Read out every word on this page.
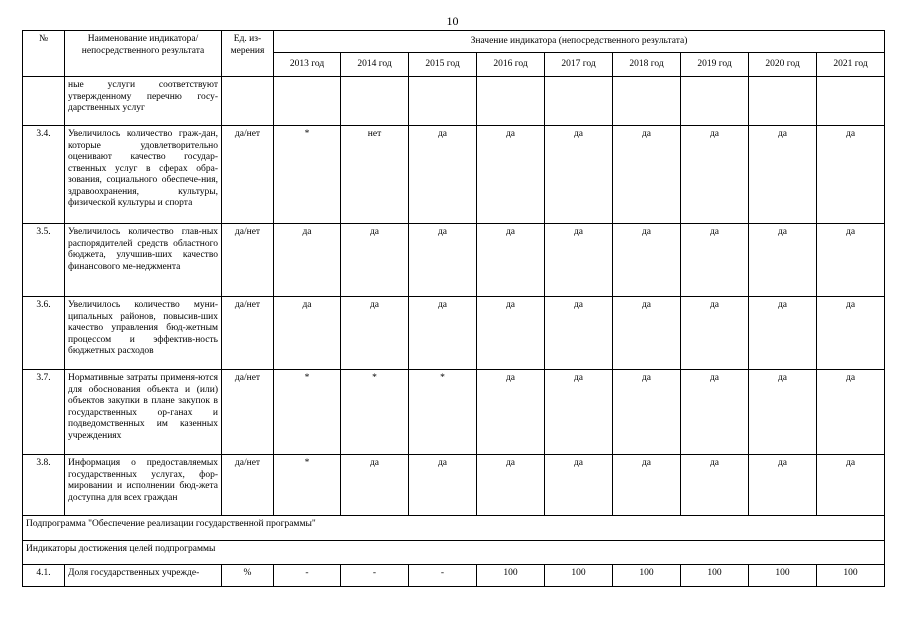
10
№	Наименование индикатора/ непосредственного результата	Ед. из-мерения	Значение индикатора (непосредственного результата)								
			2013 год	2014 год	2015 год	2016 год	2017 год	2018 год	2019 год	2020 год	2021 год
	ные услуги соответствуют утвержденному перечню госу-дарственных услуг										
3.4.	Увеличилось количество граж-дан, которые удовлетворительно оценивают качество государ-ственных услуг в сферах обра-зования, социального обеспече-ния, здравоохранения, культуры, физической культуры и спорта	да/нет	*	нет	да	да	да	да	да	да	да
3.5.	Увеличилось количество глав-ных распорядителей средств областного бюджета, улучшив-ших качество финансового ме-неджмента	да/нет	да	да	да	да	да	да	да	да	да
3.6.	Увеличилось количество муни-ципальных районов, повысив-ших качество управления бюд-жетным процессом и эффектив-ность бюджетных расходов	да/нет	да	да	да	да	да	да	да	да	да
3.7.	Нормативные затраты применя-ются для обоснования объекта и (или) объектов закупки в плане закупок в государственных ор-ганах и подведомственных им казенных учреждениях	да/нет	*	*	*	да	да	да	да	да	да
3.8.	Информация о предоставляемых государственных услугах, фор-мировании и исполнении бюд-жета доступна для всех граждан	да/нет	*	да	да	да	да	да	да	да	да
Подпрограмма "Обеспечение реализации государственной программы"											
Индикаторы достижения целей подпрограммы											
4.1.	Доля государственных учрежде-	%	-	-	-	100	100	100	100	100	100
